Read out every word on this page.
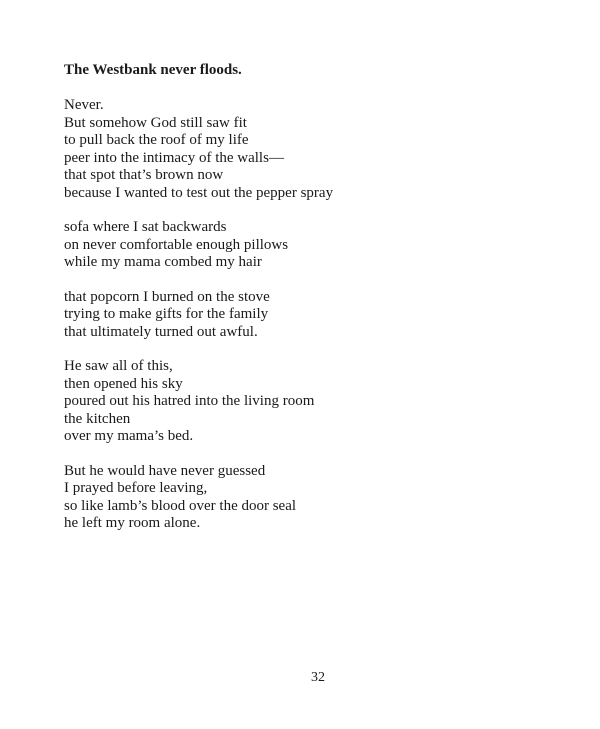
The Westbank never floods.

Never.
But somehow God still saw fit
to pull back the roof of my life
peer into the intimacy of the walls—
that spot that’s brown now
because I wanted to test out the pepper spray

sofa where I sat backwards
on never comfortable enough pillows
while my mama combed my hair

that popcorn I burned on the stove
trying to make gifts for the family
that ultimately turned out awful.

He saw all of this,
then opened his sky
poured out his hatred into the living room
the kitchen
over my mama’s bed.

But he would have never guessed
I prayed before leaving,
so like lamb’s blood over the door seal
he left my room alone.

32
